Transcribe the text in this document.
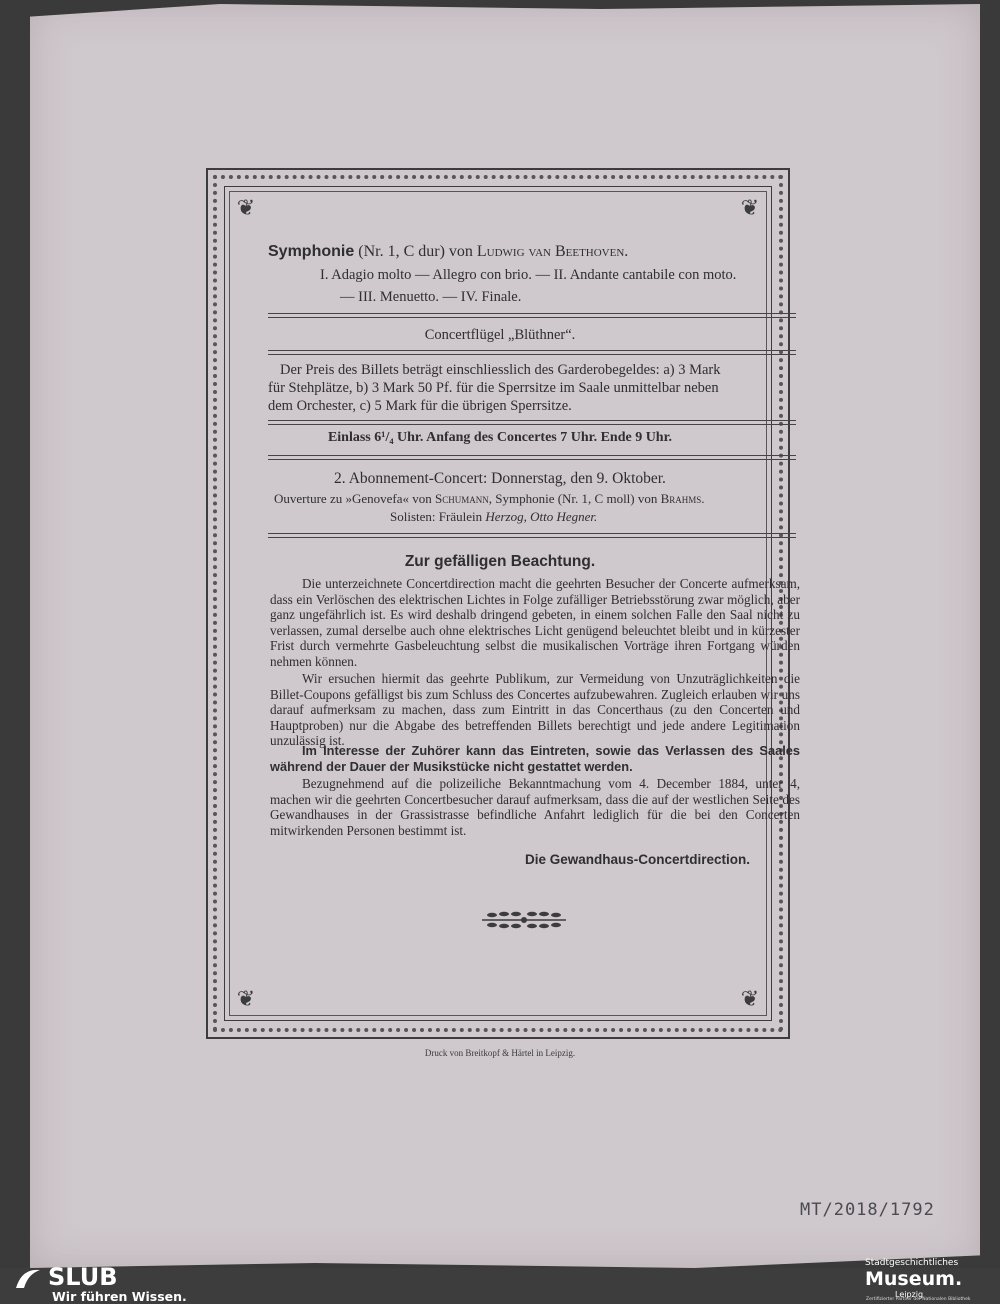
❦	❦
❦	❦
Symphonie (Nr. 1, C dur) von Ludwig van Beethoven.
I. Adagio molto — Allegro con brio. — II. Andante cantabile con moto.
— III. Menuetto. — IV. Finale.
Concertflügel „Blüthner“.
Der Preis des Billets beträgt einschliesslich des Garderobegeldes: a) 3 Mark
für Stehplätze, b) 3 Mark 50 Pf. für die Sperrsitze im Saale unmittelbar neben
dem Orchester, c) 5 Mark für die übrigen Sperrsitze.
Einlass 6¹/₄ Uhr. Anfang des Concertes 7 Uhr. Ende 9 Uhr.
2. Abonnement-Concert: Donnerstag, den 9. Oktober.
Ouverture zu »Genovefa« von Schumann, Symphonie (Nr. 1, C moll) von Brahms.
Solisten: Fräulein Herzog, Otto Hegner.
Zur gefälligen Beachtung.

Die unterzeichnete Concertdirection macht die geehrten Besucher der Concerte aufmerksam, dass ein Verlöschen des elektrischen Lichtes in Folge zufälliger Betriebsstörung zwar möglich, aber ganz ungefährlich ist. Es wird deshalb dringend gebeten, in einem solchen Falle den Saal nicht zu verlassen, zumal derselbe auch ohne elektrisches Licht genügend beleuchtet bleibt und in kürzester Frist durch vermehrte Gasbeleuchtung selbst die musikalischen Vorträge ihren Fortgang würden nehmen können.

Wir ersuchen hiermit das geehrte Publikum, zur Vermeidung von Unzuträglichkeiten die Billet-Coupons gefälligst bis zum Schluss des Concertes aufzubewahren. Zugleich erlauben wir uns darauf aufmerksam zu machen, dass zum Eintritt in das Concerthaus (zu den Concerten und Hauptproben) nur die Abgabe des betreffenden Billets berechtigt und jede andere Legitimation unzulässig ist.

Im Interesse der Zuhörer kann das Eintreten, sowie das Verlassen des Saales während der Dauer der Musikstücke nicht gestattet werden.

Bezugnehmend auf die polizeiliche Bekanntmachung vom 4. December 1884, unter 4, machen wir die geehrten Concertbesucher darauf aufmerksam, dass die auf der westlichen Seite des Gewandhauses in der Grassistrasse befindliche Anfahrt lediglich für die bei den Concerten mitwirkenden Personen bestimmt ist.

Die Gewandhaus-Concertdirection.
Druck von Breitkopf & Härtel in Leipzig.
MT/2018/1792
SLUB
Wir führen Wissen.
Stadtgeschichtliches
Museum.
Leipzig
Zertifizierter Partner der Nationalen Bibliothek
